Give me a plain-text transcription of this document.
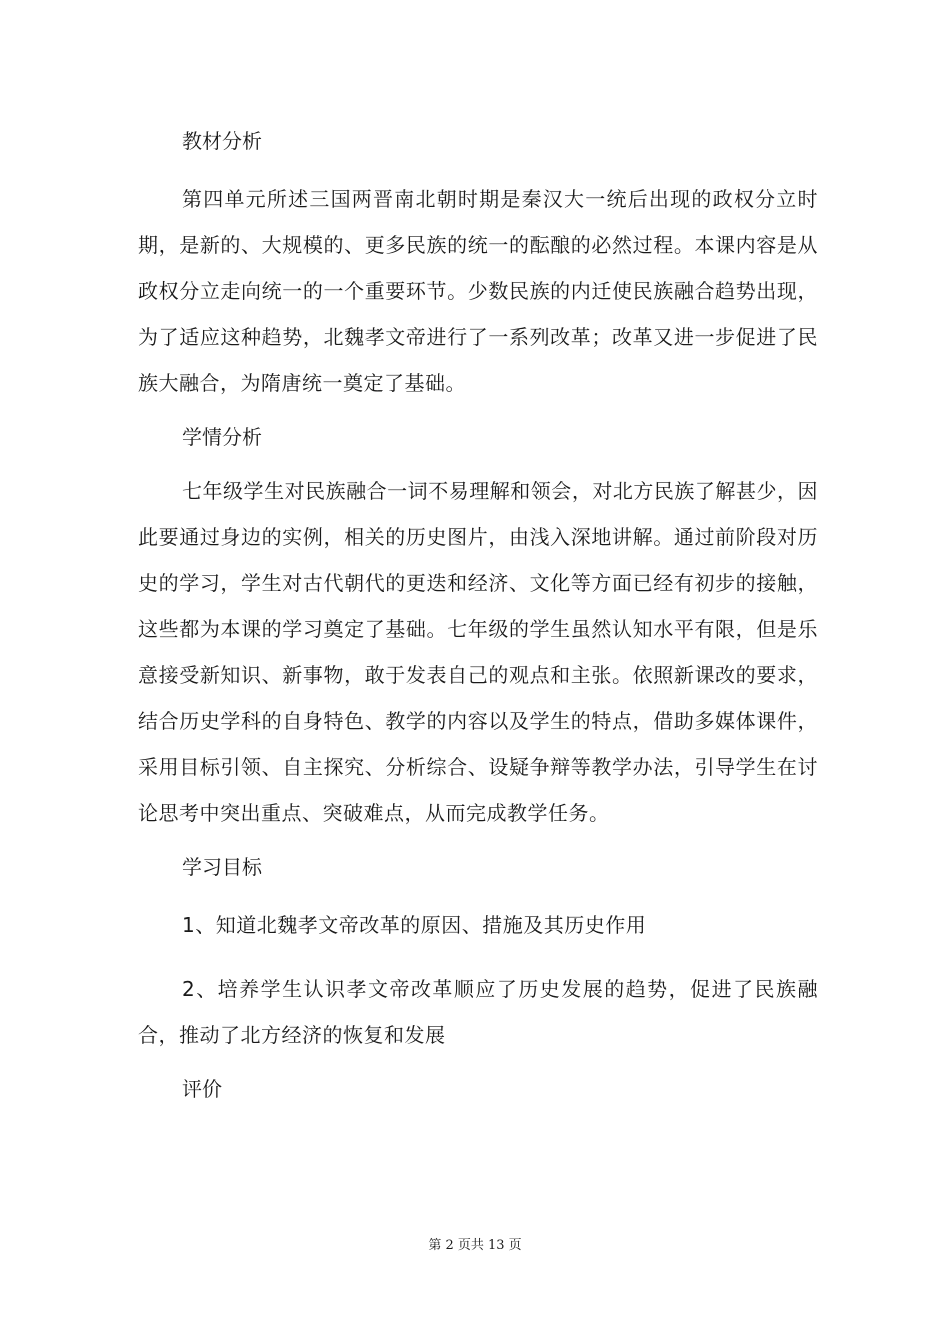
教材分析

第四单元所述三国两晋南北朝时期是秦汉大一统后出现的政权分立时期，是新的、大规模的、更多民族的统一的酝酿的必然过程。本课内容是从政权分立走向统一的一个重要环节。少数民族的内迁使民族融合趋势出现，为了适应这种趋势，北魏孝文帝进行了一系列改革；改革又进一步促进了民族大融合，为隋唐统一奠定了基础。

学情分析

七年级学生对民族融合一词不易理解和领会，对北方民族了解甚少，因此要通过身边的实例，相关的历史图片，由浅入深地讲解。通过前阶段对历史的学习，学生对古代朝代的更迭和经济、文化等方面已经有初步的接触，这些都为本课的学习奠定了基础。七年级的学生虽然认知水平有限，但是乐意接受新知识、新事物，敢于发表自己的观点和主张。依照新课改的要求，结合历史学科的自身特色、教学的内容以及学生的特点，借助多媒体课件，采用目标引领、自主探究、分析综合、设疑争辩等教学办法，引导学生在讨论思考中突出重点、突破难点，从而完成教学任务。

学习目标

1、知道北魏孝文帝改革的原因、措施及其历史作用

2、培养学生认识孝文帝改革顺应了历史发展的趋势，促进了民族融合，推动了北方经济的恢复和发展

评价

第 2 页共 13 页
